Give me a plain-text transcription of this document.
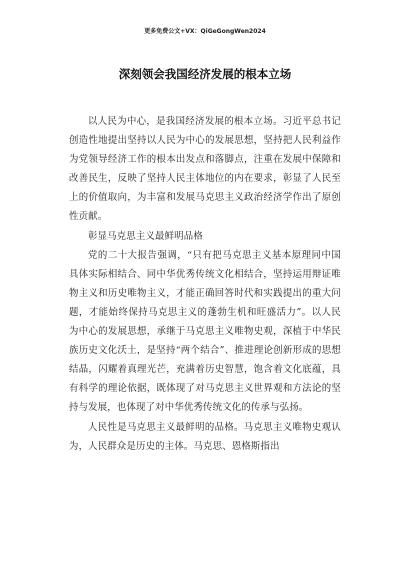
更多免费公文+VX：QiGeGongWen2024
深刻领会我国经济发展的根本立场

以人民为中心，是我国经济发展的根本立场。习近平总书记创造性地提出坚持以人民为中心的发展思想，坚持把人民利益作为党领导经济工作的根本出发点和落脚点，注重在发展中保障和改善民生，反映了坚持人民主体地位的内在要求，彰显了人民至上的价值取向，为丰富和发展马克思主义政治经济学作出了原创性贡献。

彰显马克思主义最鲜明品格

党的二十大报告强调，“只有把马克思主义基本原理同中国具体实际相结合、同中华优秀传统文化相结合，坚持运用辩证唯物主义和历史唯物主义，才能正确回答时代和实践提出的重大问题，才能始终保持马克思主义的蓬勃生机和旺盛活力”。以人民为中心的发展思想，承继于马克思主义唯物史观，深植于中华民族历史文化沃土，是坚持“两个结合”、推进理论创新形成的思想结晶，闪耀着真理光芒，充满着历史智慧，饱含着文化底蕴，具有科学的理论依据，既体现了对马克思主义世界观和方法论的坚持与发展，也体现了对中华优秀传统文化的传承与弘扬。

人民性是马克思主义最鲜明的品格。马克思主义唯物史观认为，人民群众是历史的主体。马克思、恩格斯指出
